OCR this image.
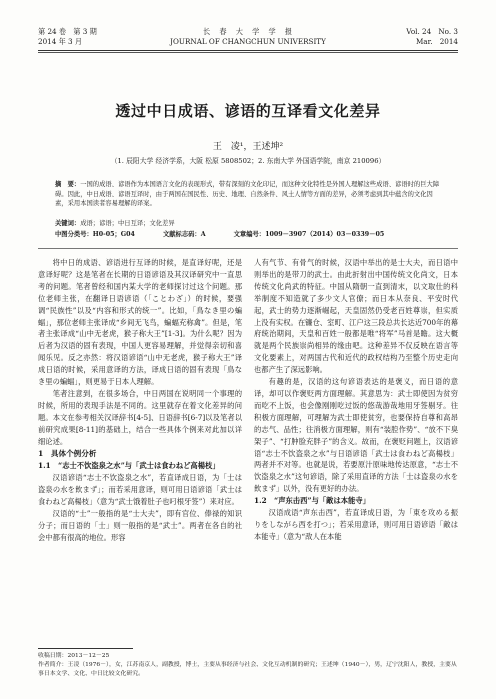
第 24 卷　第 3 期
2014 年 3 月
长　春　大　学　学　报
JOURNAL OF CHANGCHUN UNIVERSITY
Vol. 24　No. 3
Mar.　2014
透过中日成语、谚语的互译看文化差异
王　凌¹，王述坤²
（1. 辰阳大学 经济学系，大阪 松原 5808502；2. 东南大学 外国语学院，南京 210096）
摘　要：一国的成语、谚语作为本国语言文化的表现形式，带有深刻的文化印记，而这种文化特性是外国人理解这些成语、谚语时的巨大障碍。因此，中日成语、谚语互译时，由于两国在国民性、历史、地理、自然条件、风土人情等方面的差异，必须考虑到其中蕴含的文化因素，采用本国读者容易理解的译案。
关键词：成语；谚语；中日互译；文化差异
中图分类号：H0-05；G04	文献标志码：A	文章编号：1009－3907（2014）03－0339－05

将中日的成语、谚语进行互译的时候，是直译好呢，还是意译好呢？这是笔者在长期的日语谚语及其汉译研究中一直思考的问题。笔者曾经和国内某大学的老师探讨过这个问题。那位老师主张，在翻译日语谚语（「ことわざ」）的时候，要强调“民族性”以及“内容和形式的统一”。比如，「鳥なき里の蝙蝠」，那位老师主张译成“乡间无飞鸟，蝙蝠充称禽”。但是，笔者主张译成“山中无老虎，猴子称大王”[1-3]。为什么呢？因为后者为汉语的固有表现，中国人更容易理解，并觉得亲切和喜闻乐见。反之亦然：将汉语谚语“山中无老虎，猴子称大王”译成日语的时候，采用意译的方法，译成日语的固有表现「鳥なき里の蝙蝠」，则更易于日本人理解。

笔者注意到，在很多场合，中日两国在说明同一个事理的时候，所用的表现手法是不同的。这里就存在着文化差异的问题。本文在参考相关汉译辞书[4-5]、日语辞书[6-7]以及笔者以前研究成果[8-11]的基础上，结合一些具体个例来对此加以详细论述。

1　具体个例分析
1.1　“志士不饮盗泉之水”与「武士は食わねど高楊枝」

汉语谚语“志士不饮盗泉之水”，若直译成日语，为「士は盗泉の水を飲まず」；而若采用意译，则可用日语谚语「武士は食わねど高楊枝」（意为“武士饿着肚子也叼根牙签”）来对应。

汉语的“士”一般指的是“士大夫”，即有官位、俸禄的知识分子；而日语的「士」则一般指的是“武士”。两者在各自的社会中都有很高的地位。形容

人有气节、有骨气的时候，汉语中举出的是士大夫，而日语中则举出的是带刀的武士。由此折射出中国传统文化尚文，日本传统文化尚武的特征。中国从隋朝一直到清末，以文取仕的科举制度不知造就了多少文人官僚；而日本从奈良、平安时代起，武士的势力逐渐崛起，天皇固然仍受老百姓尊崇，但实质上没有实权。在镰仓、室町、江户这三段总共长达近700年的幕府统治期间，天皇和百姓一般都是唯“将军”马首是瞻。这大概就是两个民族崇尚相异的缘由吧。这种差异不仅反映在语言等文化要素上，对两国古代和近代的政权结构乃至整个历史走向也都产生了深远影响。

有趣的是，汉语的这句谚语表达的是褒义，而日语的意译，却可以作褒贬两方面理解。其意思为：武士即使因为贫穷而吃不上饭，也会像刚刚吃过饭的悠哉游哉地用牙签剔牙。往积极方面理解，可理解为武士即使贫穷，也要保持自尊和高昂的志气、品性；往消极方面理解，则有“装腔作势”、“放不下臭架子”、“打肿脸充胖子”的含义。故而，在褒贬问题上，汉语谚语“志士不饮盗泉之水”与日语谚语「武士は食わねど高楊枝」两者并不对等。也就是说，若要原汁原味地传达原意，“志士不饮盗泉之水”这句谚语，除了采用直译的方法「士は盗泉の水を飲まず」以外，没有更好的办法。

1.2　“声东击西”与「敵は本能寺」

汉语成语“声东击西”，若直译成日语，为「東を攻める振りをしながら西を打つ」；若采用意译，则可用日语谚语「敵は本能寺」（意为“敌人在本能

收稿日期：2013－12－25

作者简介：王凌（1976－），女，江苏南京人，副教授，博士，主要从事经济与社会、文化互动机制的研究；王述坤（1940－），男，辽宁沈阳人，教授，主要从事日本文学、文化、中日比较文化研究。
